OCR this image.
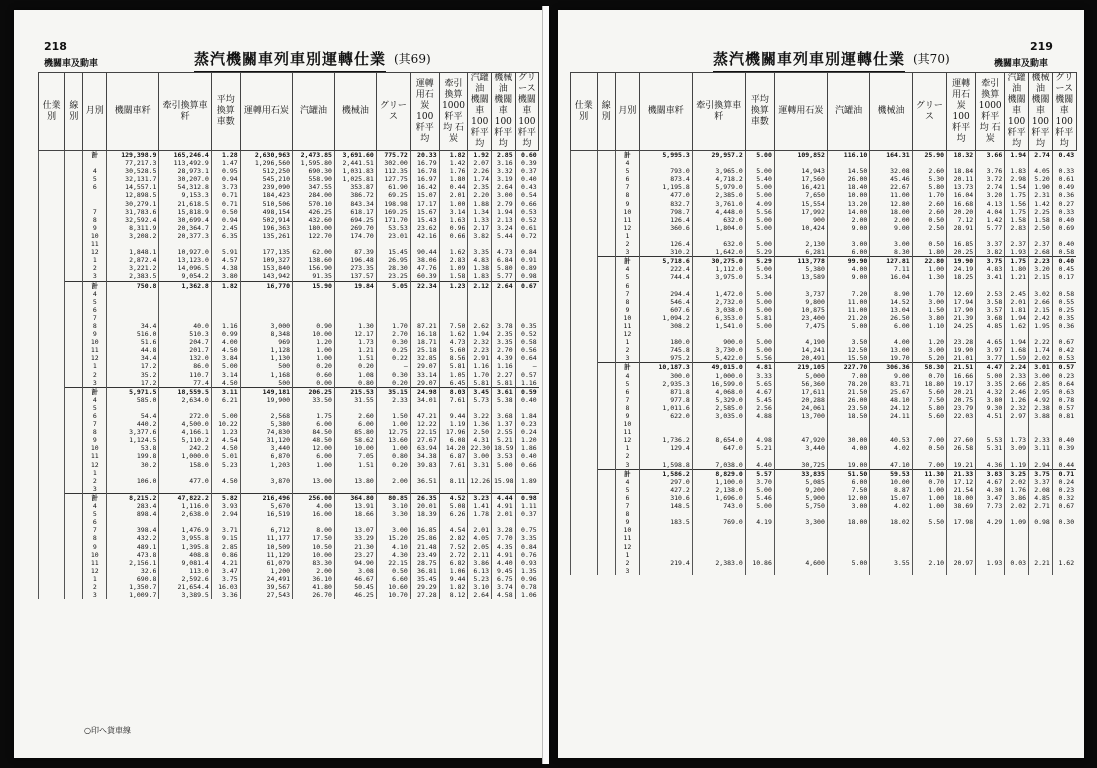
218
機關車及動車	蒸汽機關車列車別運轉仕業 (其69)
仕業別	線別	月別	機關車粁	牽引換算車粁	平均換算車數	運轉用石炭	汽罐油	機械油	グリース	運轉用石炭 100粁平均	牽引換算 1000粁平均 石炭	汽罐油 機關車100粁平均	機械油 機關車100粁平均	グリース 機關車100粁平均
		計	129,398.9	165,246.4	1.28	2,630,963	2,473.85	3,691.60	775.72	20.33	1.82	1.92	2.85	0.60
			77,217.3	113,492.9	1.47	1,296,560	1,595.80	2,441.51	302.00	16.79	1.42	2.07	3.16	0.39
		4	30,528.5	28,973.1	0.95	512,250	690.30	1,031.83	112.35	16.78	1.76	2.26	3.32	0.37
		5	32,131.7	30,207.0	0.94	545,210	558.90	1,025.81	127.75	16.97	1.80	1.74	3.19	0.40
		6	14,557.1	54,312.8	3.73	239,090	347.55	353.87	61.90	16.42	0.44	2.35	2.64	0.43
			12,898.5	9,153.3	0.71	184,423	284.00	386.72	69.25	15.07	2.01	2.20	3.00	0.54
			30,279.1	21,618.5	0.71	510,506	570.10	843.34	198.98	17.17	1.00	1.88	2.79	0.66
		7	31,783.6	15,818.9	0.50	498,154	426.25	618.17	169.25	15.67	3.14	1.34	1.94	0.53
		8	32,592.4	30,699.4	0.94	502,914	432.60	694.25	171.70	15.43	1.63	1.33	2.13	0.52
		9	8,311.9	20,364.7	2.45	196,363	180.00	269.70	53.53	23.62	0.96	2.17	3.24	0.61
		10	3,208.2	20,377.3	6.35	135,261	122.70	174.70	23.01	42.16	0.66	3.82	5.44	0.72
		11												
		12	1,848.1	10,927.0	5.91	177,135	62.00	87.39	15.45	90.44	1.62	3.35	4.73	0.84
		1	2,872.4	13,123.0	4.57	109,327	138.60	196.48	26.95	38.06	2.83	4.83	6.84	0.91
		2	3,221.2	14,096.5	4.38	153,840	156.90	273.35	28.30	47.76	1.09	1.38	5.80	0.89
		3	2,383.5	9,054.2	3.80	143,942	91.35	137.57	23.25	60.39	1.58	1.83	5.77	0.98
		計	750.8	1,362.8	1.82	16,770	15.90	19.84	5.05	22.34	1.23	2.12	2.64	0.67
		4												
		5												
		6												
		7												
		8	34.4	40.0	1.16	3,000	0.90	1.30	1.70	87.21	7.50	2.62	3.78	0.35
		9	516.0	510.3	0.99	8,348	10.00	12.17	2.70	16.18	1.62	1.94	2.35	0.52
		10	51.6	204.7	4.00	969	1.20	1.73	0.30	18.71	4.73	2.32	3.35	0.58
		11	44.8	201.7	4.50	1,128	1.00	1.21	0.25	25.18	5.60	2.23	2.70	0.56
		12	34.4	132.0	3.84	1,130	1.00	1.51	0.22	32.85	8.56	2.91	4.39	0.64
		1	17.2	86.0	5.00	500	0.20	0.20	—	29.07	5.81	1.16	1.16	—
		2	35.2	110.7	3.14	1,168	0.60	1.08	0.30	33.14	1.05	1.70	2.27	0.57
		3	17.2	77.4	4.50	500	0.00	0.80	0.20	29.07	6.45	5.81	5.81	1.16
		計	5,971.5	18,559.5	3.11	149,181	206.25	215.53	35.15	24.98	8.03	3.45	3.61	0.59
		4	585.0	2,634.0	6.21	19,900	33.50	31.55	2.33	34.01	7.61	5.73	5.38	0.40
		5												
		6	54.4	272.0	5.00	2,568	1.75	2.60	1.50	47.21	9.44	3.22	3.68	1.84
		7	440.2	4,500.0	10.22	5,380	6.00	6.00	1.00	12.22	1.19	1.36	1.37	0.23
		8	3,377.6	4,166.1	1.23	74,830	84.50	85.80	12.75	22.15	17.96	2.50	2.55	0.24
		9	1,124.5	5,110.2	4.54	31,120	48.50	58.62	13.60	27.67	6.08	4.31	5.21	1.20
		10	53.8	242.2	4.50	3,440	12.00	10.00	1.00	63.94	14.20	22.30	18.59	1.86
		11	199.8	1,000.0	5.01	6,870	6.00	7.05	0.80	34.38	6.87	3.00	3.53	0.40
		12	30.2	158.0	5.23	1,203	1.00	1.51	0.20	39.83	7.61	3.31	5.00	0.66
		1												
		2	106.0	477.0	4.50	3,870	13.00	13.80	2.00	36.51	8.11	12.26	15.98	1.89
		3												
		計	8,215.2	47,822.2	5.82	216,496	256.00	364.80	80.85	26.35	4.52	3.23	4.44	0.98
		4	283.4	1,116.0	3.93	5,670	4.00	13.91	3.10	20.01	5.08	1.41	4.91	1.11
		5	898.4	2,638.0	2.94	16,519	16.00	18.66	3.30	18.39	6.26	1.78	2.01	0.37
		6												
		7	398.4	1,476.9	3.71	6,712	8.00	13.07	3.00	16.85	4.54	2.01	3.28	0.75
		8	432.2	3,955.8	9.15	11,177	17.50	33.29	15.20	25.86	2.82	4.05	7.70	3.35
		9	489.1	1,395.8	2.85	10,509	10.50	21.30	4.10	21.48	7.52	2.05	4.35	0.84
		10	473.8	408.8	0.86	11,129	10.00	23.27	4.30	23.49	2.72	2.11	4.91	0.76
		11	2,156.1	9,081.4	4.21	61,079	83.30	94.90	22.15	28.75	6.82	3.86	4.40	0.93
		12	32.6	113.0	3.47	1,200	2.00	3.08	0.50	36.81	1.06	6.13	9.45	1.35
		1	690.8	2,592.6	3.75	24,491	36.10	46.67	6.60	35.45	9.44	5.23	6.75	0.96
		2	1,350.7	21,654.4	16.03	39,567	41.80	50.45	10.60	29.29	1.82	3.10	3.74	0.78
		3	1,009.7	3,389.5	3.36	27,543	26.70	46.25	10.70	27.28	8.12	2.64	4.58	1.06
○印へ貨車線
219
機關車及動車
蒸汽機關車列車別運轉仕業 (其70)
仕業別	線別	月別	機關車粁	牽引換算車粁	平均換算車數	運轉用石炭	汽罐油	機械油	グリース	運轉用石炭 100粁平均	牽引換算 1000粁平均 石炭	汽罐油 機關車100粁平均	機械油 機關車100粁平均	グリース 機關車100粁平均
		計	5,995.3	29,957.2	5.00	109,852	116.10	164.31	25.90	18.32	3.66	1.94	2.74	0.43
		4												
		5	793.0	3,965.0	5.00	14,943	14.50	32.08	2.60	18.84	3.76	1.83	4.05	0.33
		6	873.4	4,718.2	5.40	17,560	26.00	45.46	5.30	20.11	3.72	2.98	5.20	0.61
		7	1,195.8	5,979.0	5.00	16,421	18.40	22.67	5.80	13.73	2.74	1.54	1.90	0.49
		8	477.0	2,385.0	5.00	7,650	10.00	11.00	1.70	16.04	3.20	1.75	2.31	0.36
		9	832.7	3,761.0	4.09	15,554	13.20	12.80	2.60	16.68	4.13	1.56	1.42	0.27
		10	798.7	4,448.0	5.56	17,992	14.00	18.00	2.60	20.20	4.04	1.75	2.25	0.33
		11	126.4	632.0	5.00	900	2.00	2.00	0.50	7.12	1.42	1.58	1.58	0.40
		12	360.6	1,804.0	5.00	10,424	9.00	9.00	2.50	28.91	5.77	2.83	2.50	0.69
		1												
		2	126.4	632.0	5.00	2,130	3.00	3.00	0.50	16.85	3.37	2.37	2.37	0.40
		3	310.2	1,642.0	5.29	6,281	6.00	8.30	1.80	20.25	3.82	1.93	2.68	0.58
		計	5,718.6	30,275.0	5.29	113,778	99.90	127.81	22.80	19.90	3.75	1.75	2.23	0.40
		4	222.4	1,112.0	5.00	5,380	4.00	7.11	1.00	24.19	4.83	1.80	3.20	0.45
		5	744.4	3,975.0	5.34	13,589	9.00	16.04	1.30	18.25	3.41	1.21	2.15	0.17
		6												
		7	294.4	1,472.0	5.00	3,737	7.20	8.90	1.70	12.69	2.53	2.45	3.02	0.58
		8	546.4	2,732.0	5.00	9,800	11.00	14.52	3.00	17.94	3.58	2.01	2.66	0.55
		9	607.6	3,038.0	5.00	10,875	11.00	13.04	1.50	17.90	3.57	1.81	2.15	0.25
		10	1,094.2	6,353.0	5.81	23,400	21.20	26.50	3.80	21.39	3.68	1.94	2.42	0.35
		11	308.2	1,541.0	5.00	7,475	5.00	6.00	1.10	24.25	4.85	1.62	1.95	0.36
		12												
		1	180.0	900.0	5.00	4,190	3.50	4.00	1.20	23.28	4.65	1.94	2.22	0.67
		2	745.8	3,730.0	5.00	14,241	12.50	13.00	3.00	19.90	3.97	1.68	1.74	0.42
		3	975.2	5,422.0	5.56	20,491	15.50	19.70	5.20	21.01	3.77	1.59	2.02	0.53
		計	10,187.3	49,015.0	4.81	219,105	227.70	306.36	58.30	21.51	4.47	2.24	3.01	0.57
		4	300.0	1,000.0	3.33	5,000	7.00	9.00	0.70	16.66	5.00	2.33	3.00	0.23
		5	2,935.3	16,599.0	5.65	56,360	78.20	83.71	18.80	19.17	3.35	2.66	2.85	0.64
		6	871.8	4,068.0	4.67	17,611	21.50	25.67	5.60	20.21	4.32	2.46	2.95	0.63
		7	977.8	5,329.0	5.45	20,288	26.00	48.10	7.50	20.75	3.80	1.26	4.92	0.78
		8	1,011.6	2,585.0	2.56	24,061	23.50	24.12	5.80	23.79	9.30	2.32	2.38	0.57
		9	622.0	3,035.0	4.88	13,700	18.50	24.11	5.60	22.03	4.51	2.97	3.88	0.81
		10												
		11												
		12	1,736.2	8,654.0	4.98	47,920	30.00	40.53	7.00	27.60	5.53	1.73	2.33	0.40
		1	129.4	647.0	5.21	3,440	4.00	4.02	0.50	26.58	5.31	3.09	3.11	0.39
		2												
		3	1,598.8	7,038.0	4.40	30,725	19.00	47.10	7.00	19.21	4.36	1.19	2.94	0.44
		計	1,586.2	8,829.0	5.57	33,835	51.50	59.53	11.30	21.33	3.83	3.25	3.75	0.71
		4	297.0	1,100.0	3.70	5,085	6.00	10.00	0.70	17.12	4.67	2.02	3.37	0.24
		5	427.2	2,138.0	5.00	9,200	7.50	8.87	1.00	21.54	4.30	1.76	2.08	0.23
		6	310.6	1,696.0	5.46	5,900	12.00	15.07	1.00	18.00	3.47	3.86	4.85	0.32
		7	148.5	743.0	5.00	5,750	3.00	4.02	1.00	38.69	7.73	2.02	2.71	0.67
		8												
		9	183.5	769.0	4.19	3,300	18.00	18.02	5.50	17.98	4.29	1.09	0.98	0.30
		10												
		11												
		12												
		1												
		2	219.4	2,383.0	10.86	4,600	5.00	3.55	2.10	20.97	1.93	0.03	2.21	1.62
		3												
